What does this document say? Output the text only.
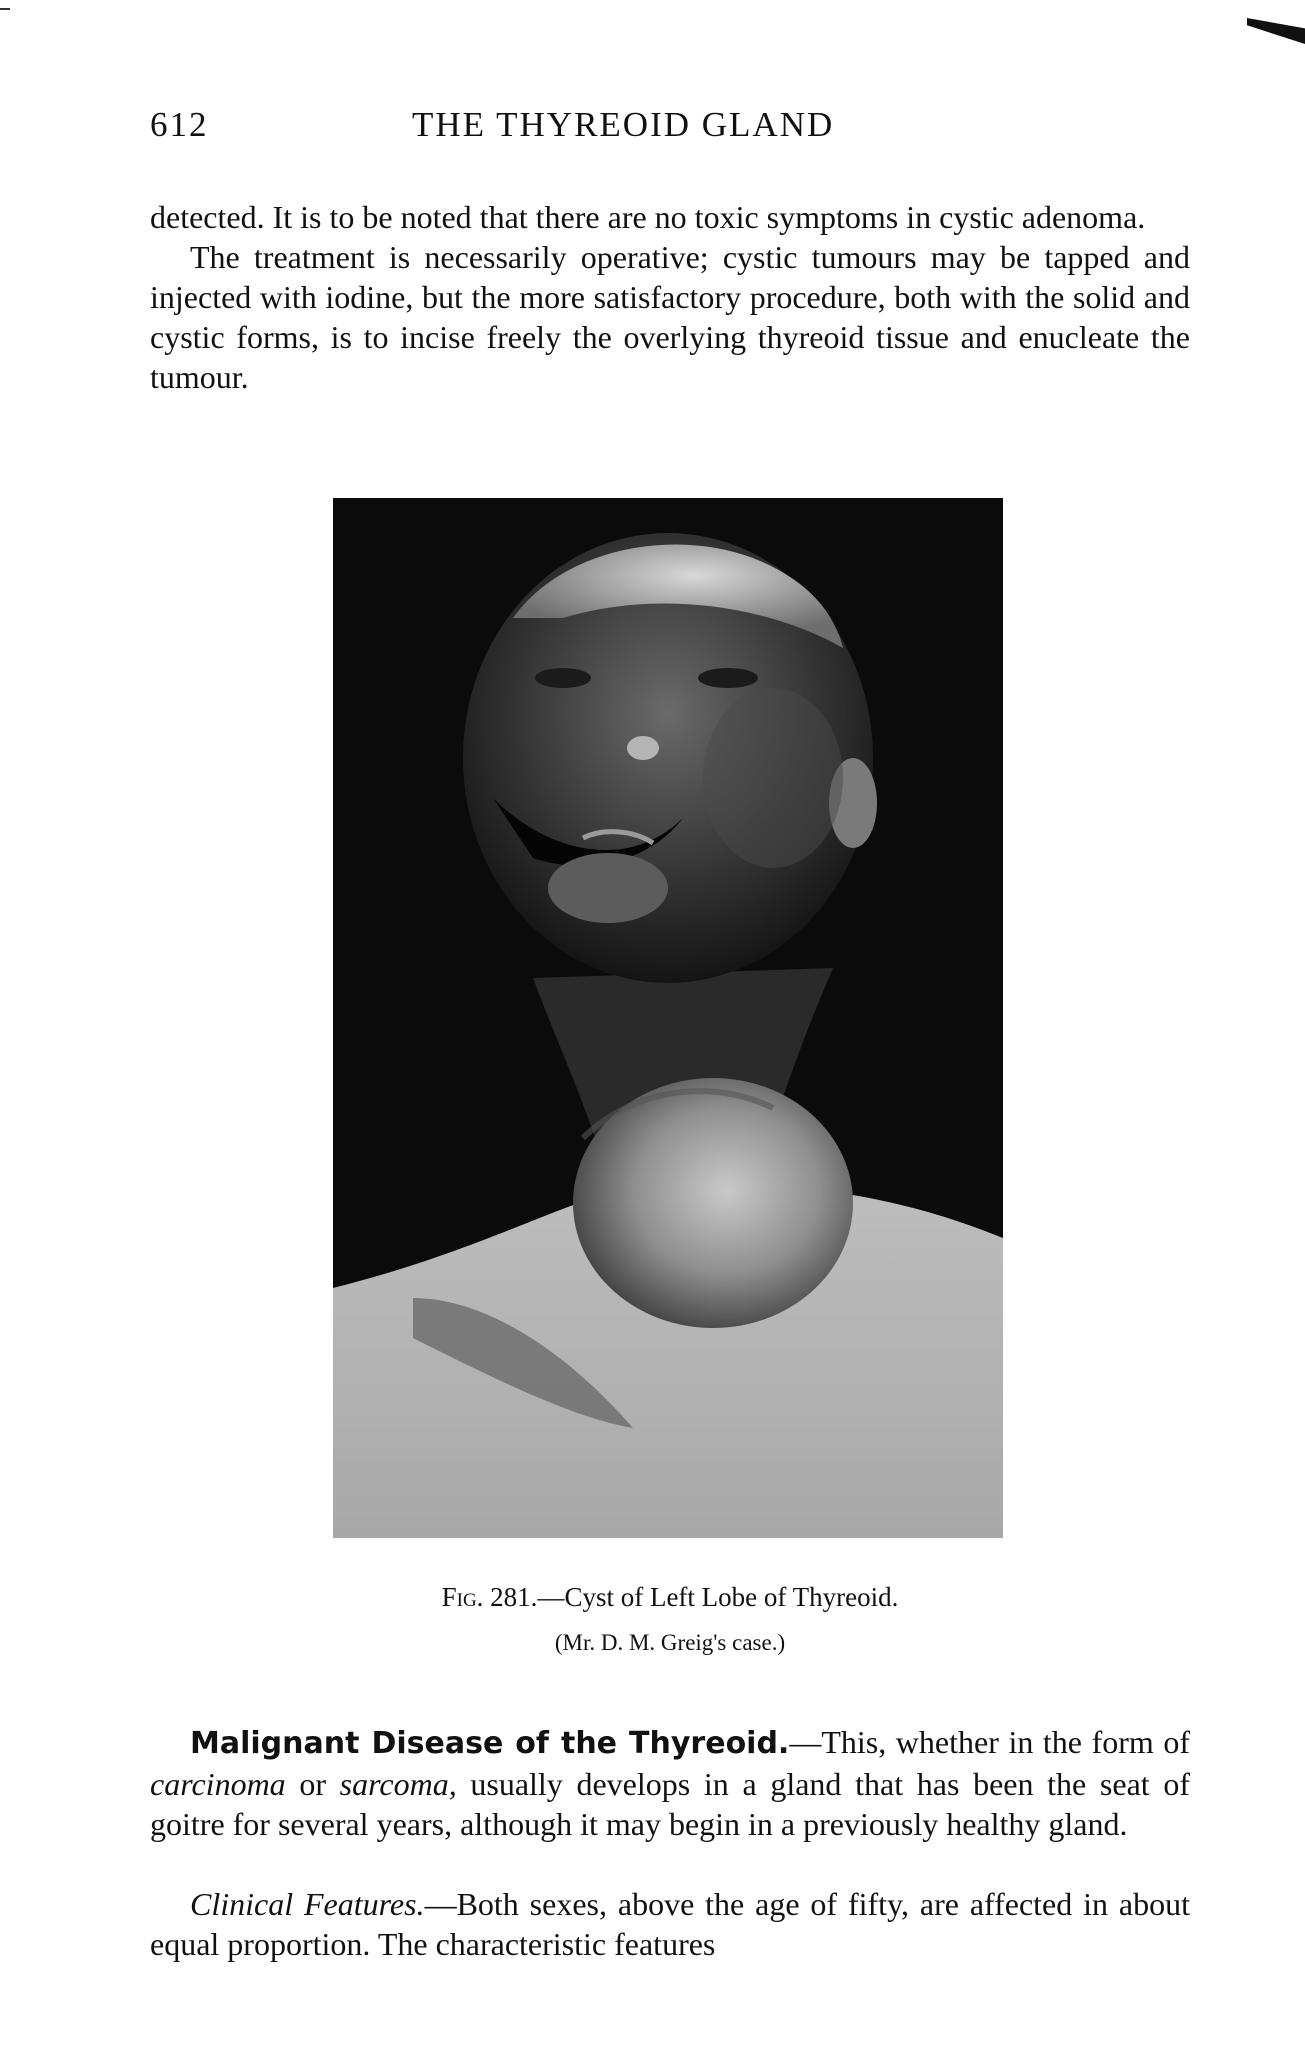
612	THE THYREOID GLAND

detected. It is to be noted that there are no toxic symptoms in cystic adenoma.

The treatment is necessarily operative; cystic tumours may be tapped and injected with iodine, but the more satisfactory procedure, both with the solid and cystic forms, is to incise freely the overlying thyreoid tissue and enucleate the tumour.

Fig. 281.—Cyst of Left Lobe of Thyreoid.
(Mr. D. M. Greig's case.)

Malignant Disease of the Thyreoid.—This, whether in the form of carcinoma or sarcoma, usually develops in a gland that has been the seat of goitre for several years, although it may begin in a previously healthy gland.

Clinical Features.—Both sexes, above the age of fifty, are affected in about equal proportion. The characteristic features
